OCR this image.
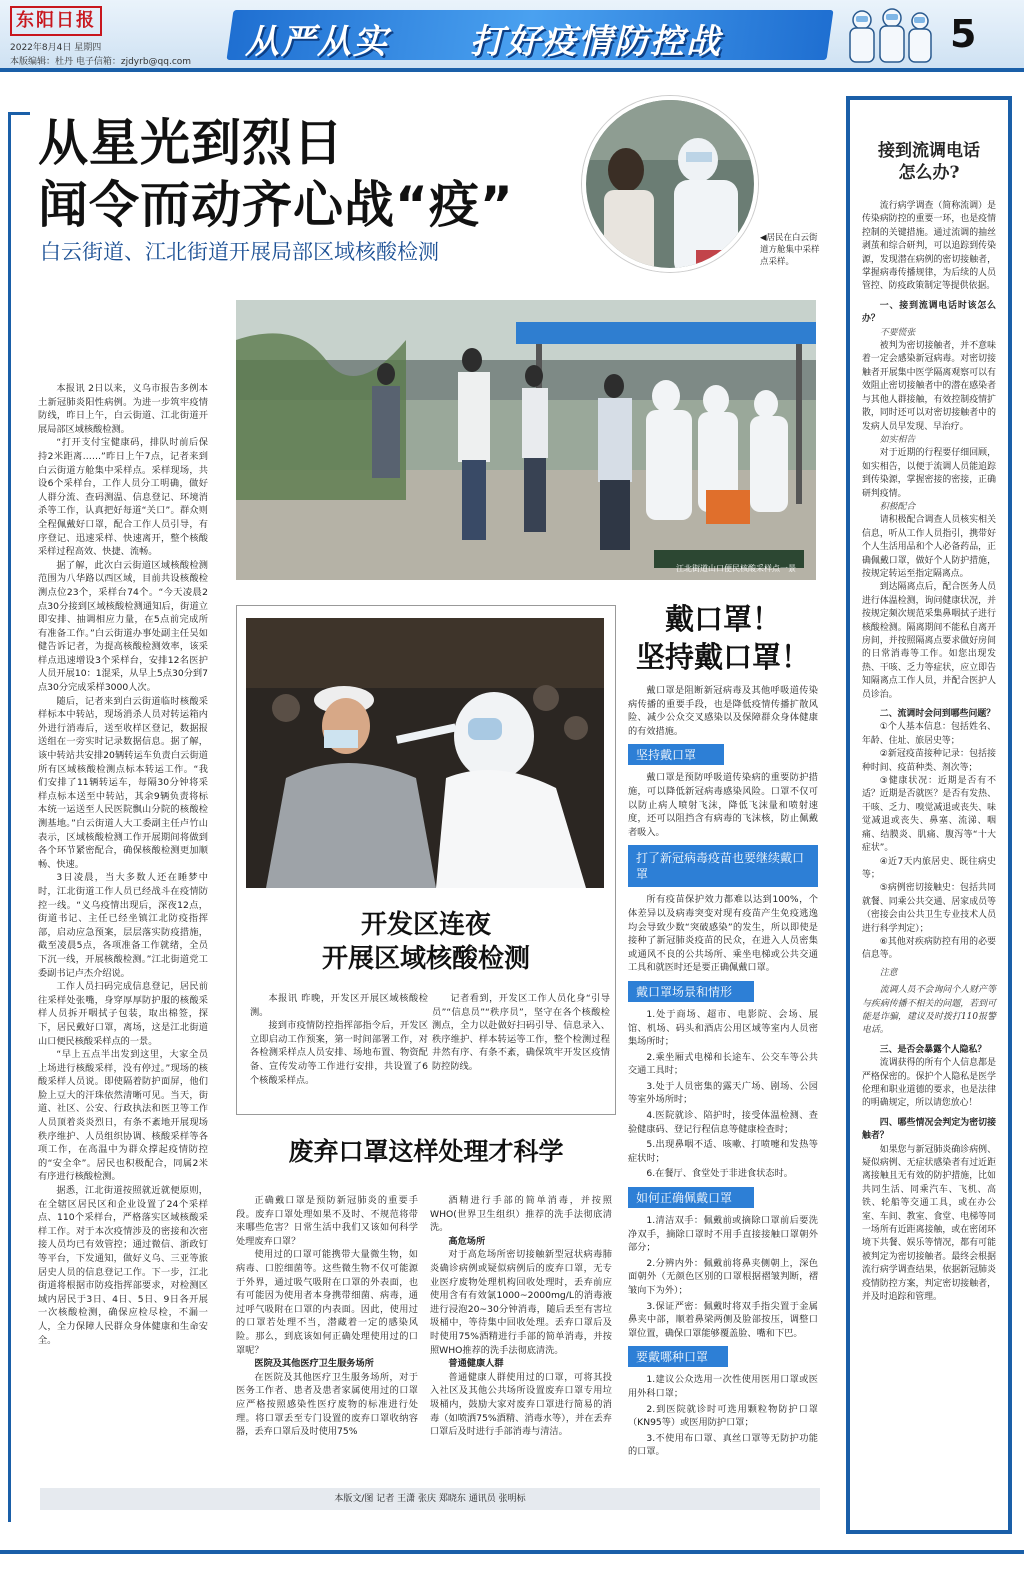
东阳日报
2022年8月4日 星期四
本版编辑：杜丹 电子信箱：zjdyrb@qq.com 从严从实 打好疫情防控战	5
从星光到烈日
闻令而动齐心战“疫”
白云街道、江北街道开展局部区域核酸检测
◀居民在白云街道方舱集中采样点采样。
江北街道山口便民核酸采样点一景

本报讯 2日以来，义乌市报告多例本土新冠肺炎阳性病例。为进一步筑牢疫情防线，昨日上午，白云街道、江北街道开展局部区域核酸检测。

“打开支付宝健康码，排队时前后保持2米距离……”昨日上午7点，记者来到白云街道方舱集中采样点。采样现场，共设6个采样台，工作人员分工明确，做好人群分流、查码测温、信息登记、环境消杀等工作，认真把好每道“关口”。群众则全程佩戴好口罩，配合工作人员引导，有序登记、迅速采样、快速离开，整个核酸采样过程高效、快捷、流畅。

据了解，此次白云街道区域核酸检测范围为八华路以西区域，目前共设核酸检测点位23个，采样台74个。“今天凌晨2点30分接到区域核酸检测通知后，街道立即安排、抽调相应力量，在5点前完成所有准备工作。”白云街道办事处副主任吴如健告诉记者，为提高核酸检测效率，该采样点迅速增设3个采样台，安排12名医护人员开展10：1混采，从早上5点30分到7点30分完成采样3000人次。

随后，记者来到白云街道临时核酸采样标本中转站，现场消杀人员对转运箱内外进行消毒后，送至收样区登记，数据报送组在一旁实时记录数据信息。据了解，该中转站共安排20辆转运车负责白云街道所有区域核酸检测点标本转运工作。“我们安排了11辆转运车，每隔30分钟将采样点标本送至中转站，其余9辆负责将标本统一运送至人民医院飘山分院的核酸检测基地。”白云街道人大工委副主任卢竹山表示，区域核酸检测工作开展期间将做到各个环节紧密配合，确保核酸检测更加顺畅、快速。

3日凌晨，当大多数人还在睡梦中时，江北街道工作人员已经战斗在疫情防控一线。“义乌疫情出现后，深夜12点，街道书记、主任已经坐镇江北防疫指挥部，启动应急预案，层层落实防疫措施，截至凌晨5点，各项准备工作就绪，全员下沉一线，开展核酸检测。”江北街道党工委副书记卢杰介绍说。

工作人员扫码完成信息登记，居民前往采样处张嘴，身穿厚厚防护服的核酸采样人员拆开咽拭子包装，取出棉签，探下，居民戴好口罩，离场，这是江北街道山口便民核酸采样点的一景。

“早上五点半出发到这里，大家全员上场进行核酸采样，没有停过。”现场的核酸采样人员说。即使隔着防护面屏，他们脸上豆大的汗珠依然清晰可见。当天，街道、社区、公安、行政执法和医卫等工作人员顶着炎炎烈日，有条不紊地开展现场秩序维护、人员组织协调、核酸采样等各项工作，在高温中为群众撑起疫情防控的“安全伞”。居民也积极配合，同属2米有序进行核酸检测。

据悉，江北街道按照就近就便原则，在全辖区居民区和企业设置了24个采样点、110个采样台，严格落实区域核酸采样工作。对于本次疫情涉及的密接和次密接人员均已有效管控；通过微信、浙政钉等平台，下发通知，做好义乌、三亚等旅居史人员的信息登记工作。下一步，江北街道将根据市防疫指挥部要求，对检测区域内居民于3日、4日、5日、9日各开展一次核酸检测，确保应检尽检，不漏一人，全力保障人民群众身体健康和生命安全。

开发区连夜
开展区域核酸检测

本报讯 昨晚，开发区开展区域核酸检测。

接到市疫情防控指挥部指令后，开发区立即启动工作预案，第一时间部署工作，对各检测采样点人员安排、场地布置、物资配备、宣传发动等工作进行安排，共设置了6个核酸采样点。

记者看到，开发区工作人员化身“引导员”“信息员”“秩序员”，坚守在各个核酸检测点，全力以赴做好扫码引导、信息录入、秩序维护、样本转运等工作，整个检测过程井然有序、有条不紊，确保筑牢开发区疫情防控防线。

戴口罩！
坚持戴口罩！

戴口罩是阻断新冠病毒及其他呼吸道传染病传播的重要手段，也是降低疫情传播扩散风险、减少公众交叉感染以及保障群众身体健康的有效措施。

坚持戴口罩

戴口罩是预防呼吸道传染病的重要防护措施，可以降低新冠病毒感染风险。口罩不仅可以防止病人喷射飞沫，降低飞沫量和喷射速度，还可以阻挡含有病毒的飞沫核，防止佩戴者吸入。

打了新冠病毒疫苗也要继续戴口罩

所有疫苗保护效力都难以达到100%，个体差异以及病毒突变对现有疫苗产生免疫逃逸均会导致少数“突破感染”的发生，所以即使是接种了新冠肺炎疫苗的民众，在进入人员密集或通风不良的公共场所、乘坐电梯或公共交通工具和就医时还是要正确佩戴口罩。

戴口罩场景和情形

1.处于商场、超市、电影院、会场、展馆、机场、码头和酒店公用区域等室内人员密集场所时；

2.乘坐厢式电梯和长途车、公交车等公共交通工具时；

3.处于人员密集的露天广场、剧场、公园等室外场所时；

4.医院就诊、陪护时，接受体温检测、查验健康码、登记行程信息等健康检查时；

5.出现鼻咽不适、咳嗽、打喷嚏和发热等症状时；

6.在餐厅、食堂处于非进食状态时。

如何正确佩戴口罩

1.清洁双手：佩戴前或摘除口罩前后要洗净双手，摘除口罩时不用手直接接触口罩朝外部分；

2.分辨内外：佩戴前将鼻夹侧朝上，深色面朝外（无颜色区别的口罩根据褶皱判断，褶皱向下为外）；

3.保证严密：佩戴时将双手指尖置于金属鼻夹中部，顺着鼻梁两侧及脸部按压，调整口罩位置，确保口罩能够覆盖脸、嘴和下巴。

要戴哪种口罩

1.建议公众选用一次性使用医用口罩或医用外科口罩；

2.到医院就诊时可选用颗粒物防护口罩（KN95等）或医用防护口罩；

3.不使用布口罩、真丝口罩等无防护功能的口罩。

废弃口罩这样处理才科学

正确戴口罩是预防新冠肺炎的重要手段。废弃口罩处理如果不及时、不规范将带来哪些危害？日常生活中我们又该如何科学处理废弃口罩？

使用过的口罩可能携带大量微生物，如病毒、口腔细菌等。这些微生物不仅可能源于外界，通过吸气吸附在口罩的外表面，也有可能因为使用者本身携带细菌、病毒，通过呼气吸附在口罩的内表面。因此，使用过的口罩若处理不当，潜藏着一定的感染风险。那么，到底该如何正确处理使用过的口罩呢？

医院及其他医疗卫生服务场所

在医院及其他医疗卫生服务场所，对于医务工作者、患者及患者家属使用过的口罩应严格按照感染性医疗废物的标准进行处理。将口罩丢至专门设置的废弃口罩收纳容器，丢弃口罩后及时使用75%

酒精进行手部的简单消毒，并按照WHO(世界卫生组织）推荐的洗手法彻底清洗。

高危场所

对于高危场所密切接触新型冠状病毒肺炎确诊病例或疑似病例后的废弃口罩，无专业医疗废物处理机构回收处理时，丢弃前应使用含有有效氯1000~2000mg/L的消毒液进行浸泡20~30分钟消毒，随后丢至有害垃圾桶中，等待集中回收处理。丢弃口罩后及时使用75%酒精进行手部的简单消毒，并按照WHO推荐的洗手法彻底清洗。

普通健康人群

普通健康人群使用过的口罩，可将其投入社区及其他公共场所设置废弃口罩专用垃圾桶内，鼓励大家对废弃口罩进行简易的消毒（如喷洒75%酒精、消毒水等），并在丢弃口罩后及时进行手部消毒与清洁。

本版文/图 记者 王潇 张庆 郑晓东 通讯员 张明标
接到流调电话
怎么办?

流行病学调查（简称流调）是传染病防控的重要一环，也是疫情控制的关键措施。通过流调的抽丝剥茧和综合研判，可以追踪到传染源，发现潜在病例的密切接触者，掌握病毒传播规律，为后续的人员管控、防疫政策制定等提供依据。

一、接到流调电话时该怎么办？

不要慌张

被判为密切接触者，并不意味着一定会感染新冠病毒。对密切接触者开展集中医学隔离观察可以有效阻止密切接触者中的潜在感染者与其他人群接触，有效控制疫情扩散，同时还可以对密切接触者中的发病人员早发现、早治疗。

如实相告

对于近期的行程要仔细回顾，如实相告，以便于流调人员能追踪到传染源，掌握密接的密接，正确研判疫情。

积极配合

请积极配合调查人员核实相关信息，听从工作人员指引，携带好个人生活用品和个人必备药品，正确佩戴口罩，做好个人防护措施，按规定转运至指定隔离点。

到达隔离点后，配合医务人员进行体温检测，询问健康状况，并按规定频次规范采集鼻咽拭子进行核酸检测。隔离期间不能私自离开房间，并按照隔离点要求做好房间的日常消毒等工作。如您出现发热、干咳、乏力等症状，应立即告知隔离点工作人员，并配合医护人员诊治。

二、流调时会问到哪些问题？

①个人基本信息：包括姓名、年龄、住址、旅居史等；

②新冠疫苗接种记录：包括接种时间、疫苗种类、剂次等；

③健康状况：近期是否有不适？近期是否就医？是否有发热、干咳、乏力、嗅觉减退或丧失、味觉减退或丧失、鼻塞、流涕、咽痛、结膜炎、肌痛、腹泻等“十大症状”。

④近7天内旅居史、既往病史等；

⑤病例密切接触史：包括共同就餐、同乘公共交通、居家成员等（密接会由公共卫生专业技术人员进行科学判定）；

⑥其他对疾病防控有用的必要信息等。

注意

流调人员不会询问个人财产等与疾病传播不相关的问题，若到可能是诈骗，建议及时拨打110报警电话。

三、是否会暴露个人隐私？

流调获得的所有个人信息都是严格保密的。保护个人隐私是医学伦理和职业道德的要求，也是法律的明确规定，所以请您放心！

四、哪些情况会判定为密切接触者？

如果您与新冠肺炎确诊病例、疑似病例、无症状感染者有过近距离接触且无有效的防护措施，比如共同生活、同乘汽车、飞机、高铁、轮船等交通工具，或在办公室、车间、教室、食堂、电梯等同一场所有近距离接触，或在密闭环境下共餐、娱乐等情况，都有可能被判定为密切接触者。最终会根据流行病学调查结果，依据新冠肺炎疫情防控方案，判定密切接触者，并及时追踪和管理。
